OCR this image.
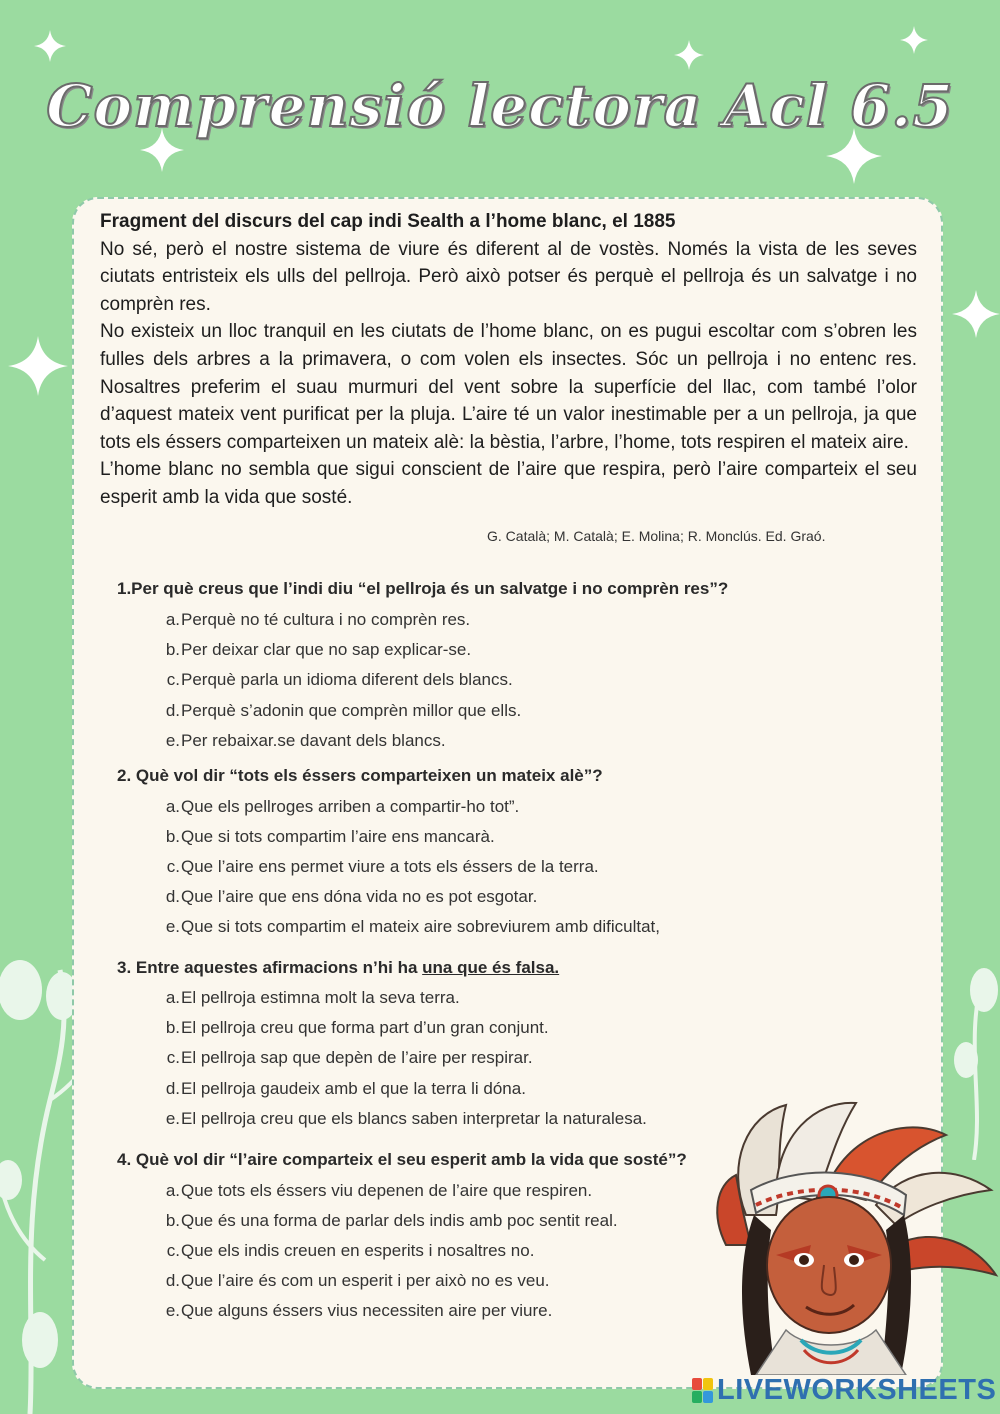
Comprensió lectora Acl 6.5
Fragment del discurs del cap indi Sealth a l’home blanc, el 1885

No sé, però el nostre sistema de viure és diferent al de vostès. Només la vista de les seves ciutats entristeix els ulls del pellroja. Però això potser és perquè el pellroja és un salvatge i no comprèn res.

No existeix un lloc tranquil en les ciutats de l’home blanc, on es pugui escoltar com s’obren les fulles dels arbres a la primavera, o com volen els insectes. Sóc un pellroja i no entenc res. Nosaltres preferim el suau murmuri del vent sobre la superfície del llac, com també l’olor d’aquest mateix vent purificat per la pluja. L’aire té un valor inestimable per a un pellroja, ja que tots els éssers comparteixen un mateix alè: la bèstia, l’arbre, l’home, tots respiren el mateix aire.

L’home blanc no sembla que sigui conscient de l’aire que respira, però l’aire comparteix el seu esperit amb la vida que sosté.

G. Català; M. Català; E. Molina; R. Monclús. Ed. Graó.
1.Per què creus que l’indi diu “el pellroja és un salvatge i no comprèn res”?
a. Perquè no té cultura i no comprèn res.
b. Per deixar clar que no sap explicar-se.
c. Perquè parla un idioma diferent dels blancs.
d. Perquè s’adonin que comprèn millor que ells.
e. Per rebaixar.se davant dels blancs.
2. Què vol dir “tots els éssers comparteixen un mateix alè”?
a. Que els pellroges arriben a compartir-ho tot”.
b. Que si tots compartim l’aire ens mancarà.
c. Que l’aire ens permet viure a tots els éssers de la terra.
d. Que l’aire que ens dóna vida no es pot esgotar.
e. Que si tots compartim el mateix aire sobreviurem amb dificultat,
3. Entre aquestes afirmacions n’hi ha una que és falsa.
a. El pellroja estimna molt la seva terra.
b. El pellroja creu que forma part d’un gran conjunt.
c. El pellroja sap que depèn de l’aire per respirar.
d. El pellroja gaudeix amb el que la terra li dóna.
e. El pellroja creu que els blancs saben interpretar la naturalesa.
4. Què vol dir “l’aire comparteix el seu esperit amb la vida que sosté”?
a. Que tots els éssers viu depenen de l’aire que respiren.
b. Que és una forma de parlar dels indis amb poc sentit real.
c. Que els indis creuen en esperits i nosaltres no.
d. Que l’aire és com un esperit i per això no es veu.
e. Que alguns éssers vius necessiten aire per viure.
LIVEWORKSHEETS
